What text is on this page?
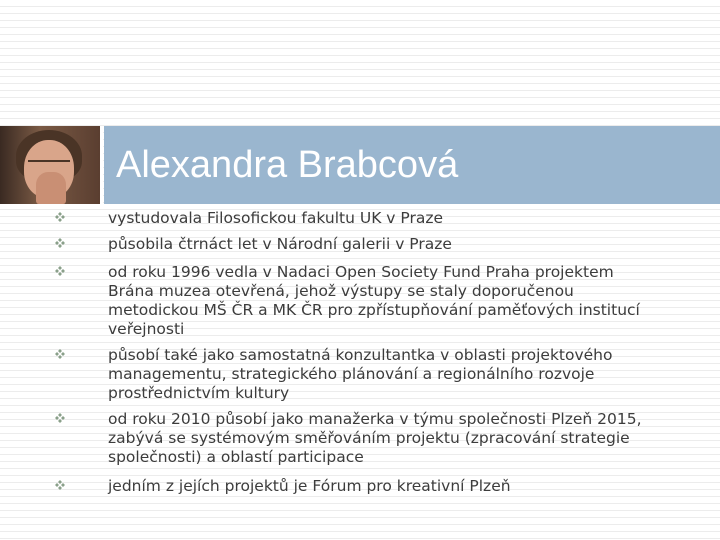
Alexandra Brabcová
vystudovala Filosofickou fakultu UK v Praze
působila čtrnáct let v Národní galerii v Praze
od roku 1996 vedla v Nadaci Open Society Fund Praha projektem
Brána muzea otevřená, jehož výstupy se staly doporučenou
metodickou MŠ ČR a MK ČR pro zpřístupňování paměťových institucí
veřejnosti
působí také jako samostatná konzultantka v oblasti projektového
managementu, strategického plánování a regionálního rozvoje
prostřednictvím kultury
od roku 2010 působí jako manažerka v týmu společnosti Plzeň 2015,
zabývá se systémovým směřováním projektu (zpracování strategie
společnosti) a oblastí participace
jedním z jejích projektů je Fórum pro kreativní Plzeň
